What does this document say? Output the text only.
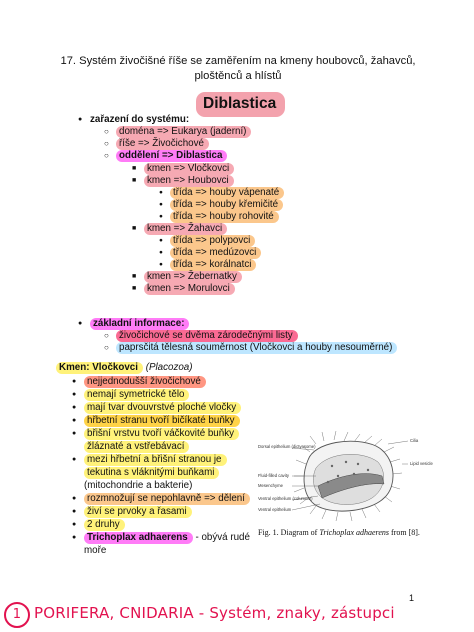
17. Systém živočišné říše se zaměřením na kmeny houbovců, žahavců,
ploštěnců a hlístů
Diblastica
● zařazení do systému:
○ doména => Eukarya (jaderní)
○ říše => Živočichové
○ oddělení => Diblastica
■ kmen => Vločkovci
■ kmen => Houbovci
● třída => houby vápenaté
● třída => houby křemičité
● třída => houby rohovité
■ kmen => Žahavci
● třída => polypovci
● třída => medúzovci
● třída => korálnatci
■ kmen => Žebernatky
■ kmen => Morulovci
● základní informace:
○ živočichové se dvěma zárodečnými listy
○ paprsčitá tělesná souměrnost (Vločkovci a houby nesouměrné)
Kmen: Vločkovci (Placozoa)
● nejjednodušší živočichové
● nemají symetrické tělo
● mají tvar dvouvrstvé ploché vločky
● hřbetní stranu tvoří bičíkaté buňky
● břišní vrstvu tvoří váčkovité buňky
žláznaté a vstřebávací
● mezi hřbetní a břišní stranou je
tekutina s vláknitými buňkami
(mitochondrie a bakterie)
● rozmnožují se nepohlavně => dělení
● živí se prvoky a řasami
● 2 druhy
● Trichoplax adhaerens - obývá rudé
moře
Cilia
Dorsal epithelium (dictyosome)
Lipid vesicle
Fluid-filled cavity
Mesenchyme
Ventral epithelium (columnar)
Ventral epithelium
Fig. 1. Diagram of Trichoplax adhaerens from [8].
1
1 PORIFERA, CNIDARIA - Systém, znaky, zástupci
